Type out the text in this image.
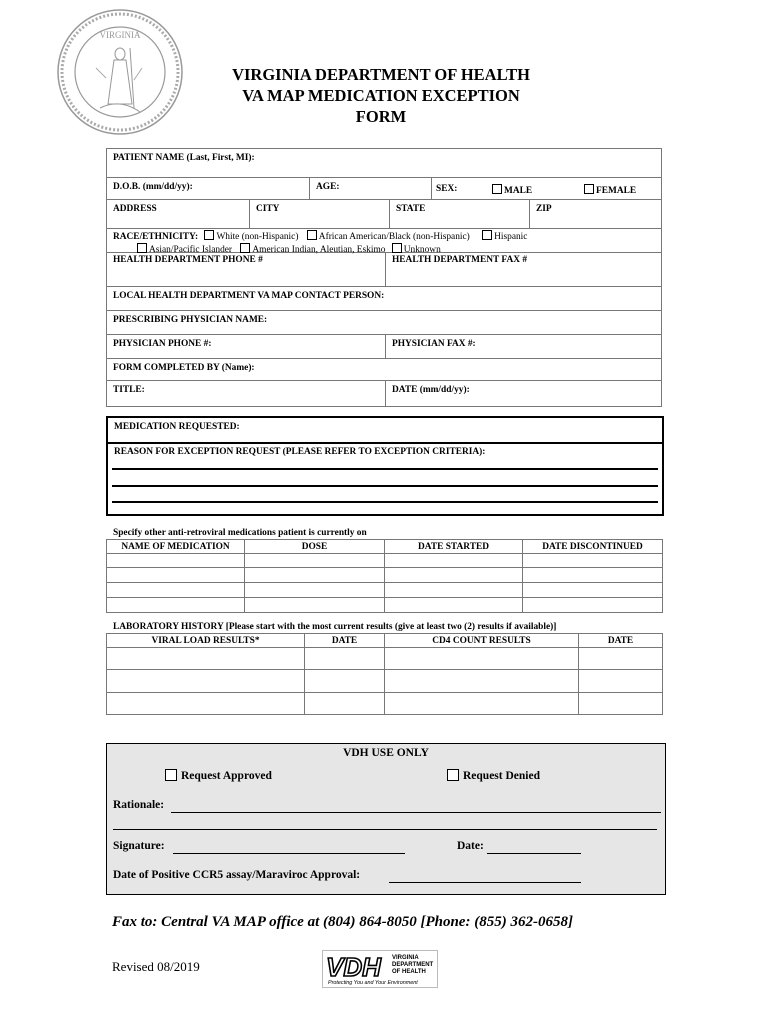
VIRGINIA
VIRGINIA DEPARTMENT OF HEALTH
VA MAP MEDICATION EXCEPTION
FORM
PATIENT NAME (Last, First, MI):
D.O.B. (mm/dd/yy):	AGE:	SEX:	MALE	FEMALE
ADDRESS	CITY	STATE	ZIP
RACE/ETHNICITY: White (non-Hispanic) African American/Black (non-Hispanic)	Hispanic
Asian/Pacific Islander American Indian, Aleutian, Eskimo Unknown
HEALTH DEPARTMENT PHONE #	HEALTH DEPARTMENT FAX #
LOCAL HEALTH DEPARTMENT VA MAP CONTACT PERSON:
PRESCRIBING PHYSICIAN NAME:
PHYSICIAN PHONE #:	PHYSICIAN FAX #:
FORM COMPLETED BY (Name):
TITLE:	DATE (mm/dd/yy):
MEDICATION REQUESTED:
REASON FOR EXCEPTION REQUEST (PLEASE REFER TO EXCEPTION CRITERIA):
Specify other anti-retroviral medications patient is currently on
NAME OF MEDICATION	DOSE	DATE STARTED	DATE DISCONTINUED

LABORATORY HISTORY [Please start with the most current results (give at least two (2) results if available)]
VIRAL LOAD RESULTS*	DATE	CD4 COUNT RESULTS	DATE

VDH USE ONLY
Request Approved	Request Denied
Rationale:
Signature:	Date:
Date of Positive CCR5 assay/Maraviroc Approval:
Fax to: Central VA MAP office at (804) 864-8050 [Phone: (855) 362-0658]
Revised 08/2019	VDH VIRGINIA
DEPARTMENT
OF HEALTH
Protecting You and Your Environment
